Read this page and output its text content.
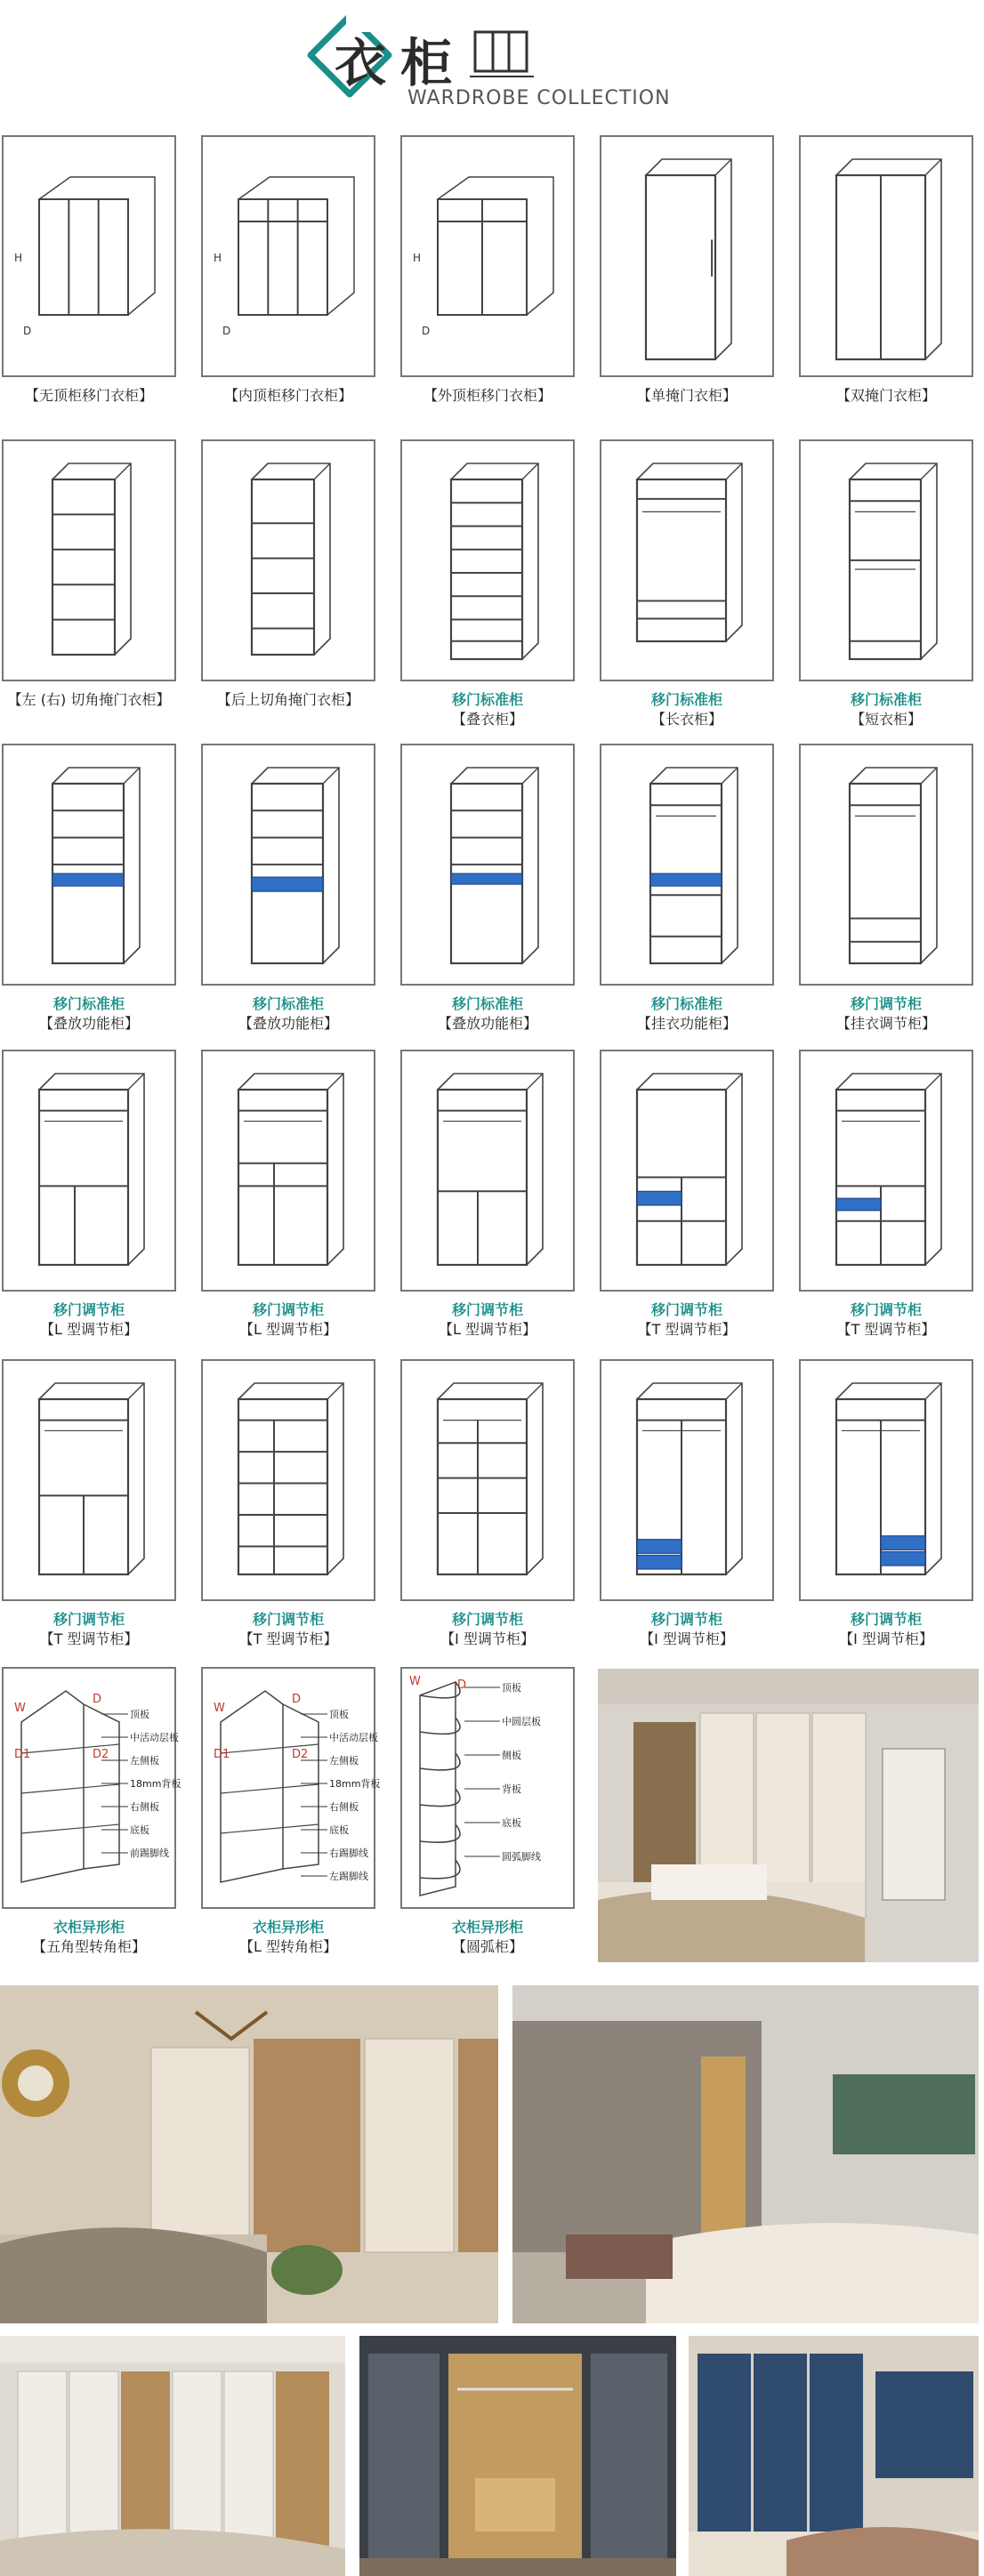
衣柜
WARDROBE COLLECTION
H
D
【无顶柜移门衣柜】
H
D
【内顶柜移门衣柜】
H
D
【外顶柜移门衣柜】	【单掩门衣柜】	【双掩门衣柜】
【左 (右) 切角掩门衣柜】	【后上切角掩门衣柜】	移门标准柜
【叠衣柜】
移门标准柜
【长衣柜】
移门标准柜
【短衣柜】
移门标准柜
【叠放功能柜】
移门标准柜
【叠放功能柜】
移门标准柜
【叠放功能柜】
移门标准柜
【挂衣功能柜】
移门调节柜
【挂衣调节柜】
移门调节柜
【L 型调节柜】
移门调节柜
【L 型调节柜】
移门调节柜
【L 型调节柜】
移门调节柜
【T 型调节柜】
移门调节柜
【T 型调节柜】
移门调节柜
【T 型调节柜】
移门调节柜
【T 型调节柜】
移门调节柜
【I 型调节柜】
移门调节柜
【I 型调节柜】
移门调节柜
【I 型调节柜】
W
D
D1	D2
顶板
中活动层板
左侧板
18mm背板
右侧板
底板
前踢脚线
衣柜异形柜
【五角型转角柜】
W
D
D1	D2
顶板
中活动层板
左侧板
18mm背板
右侧板
底板
右踢脚线
左踢脚线
衣柜异形柜
【L 型转角柜】
W	D	顶板
中圆层板
侧板
背板
底板
圆弧脚线
衣柜异形柜
【圆弧柜】
